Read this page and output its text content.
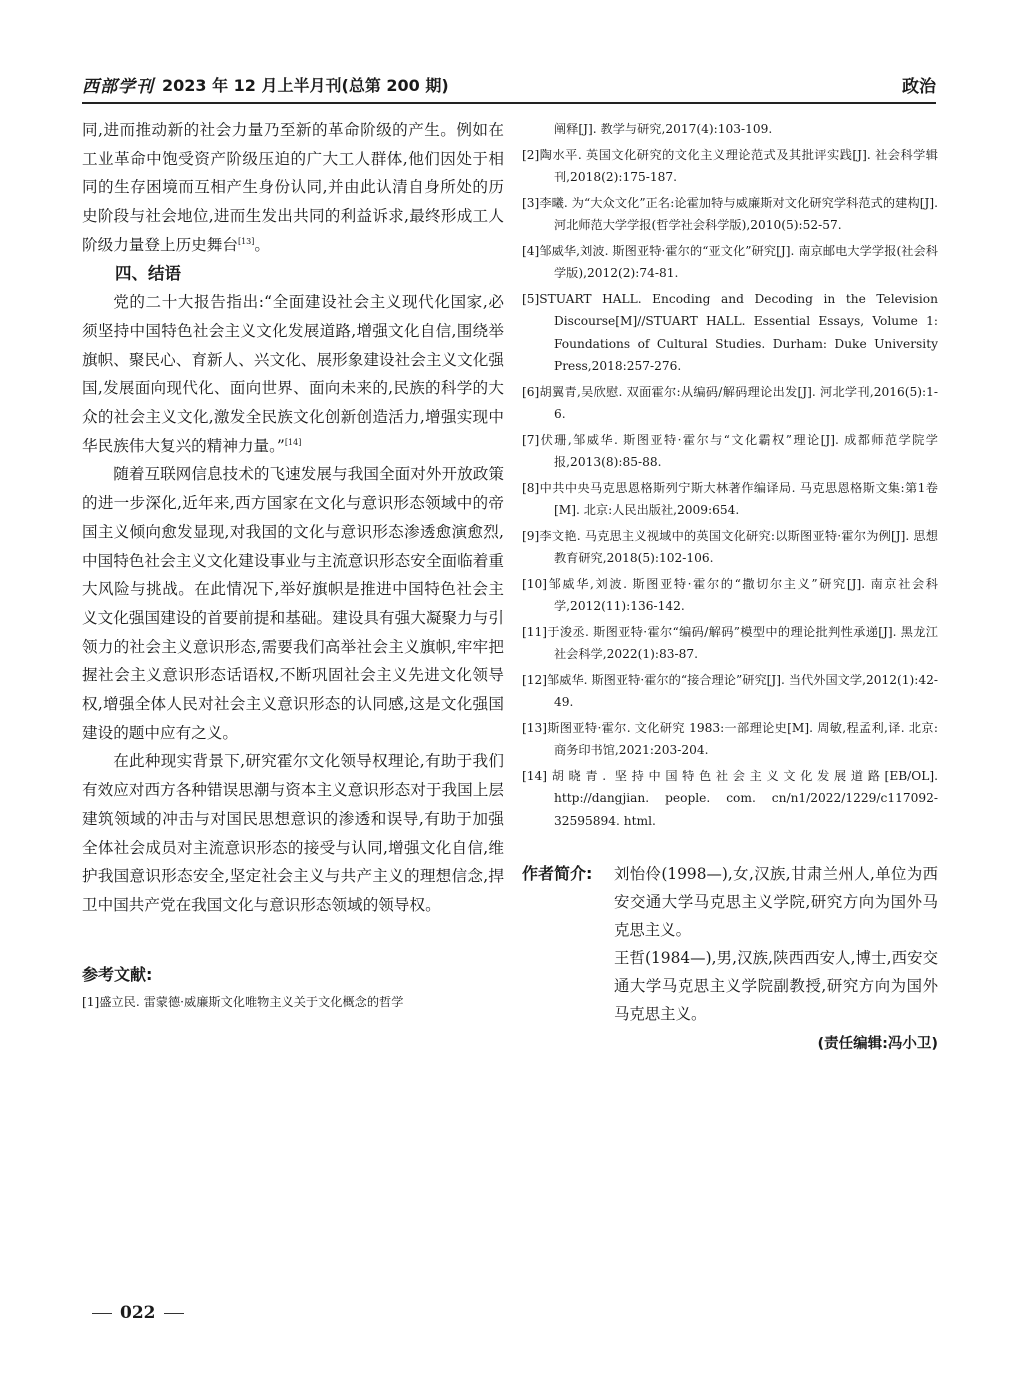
西部学刊 2023 年 12 月上半月刊(总第 200 期)	政治

同,进而推动新的社会力量乃至新的革命阶级的产生。例如在工业革命中饱受资产阶级压迫的广大工人群体,他们因处于相同的生存困境而互相产生身份认同,并由此认清自身所处的历史阶段与社会地位,进而生发出共同的利益诉求,最终形成工人阶级力量登上历史舞台[13]。

四、结语

党的二十大报告指出:“全面建设社会主义现代化国家,必须坚持中国特色社会主义文化发展道路,增强文化自信,围绕举旗帜、聚民心、育新人、兴文化、展形象建设社会主义文化强国,发展面向现代化、面向世界、面向未来的,民族的科学的大众的社会主义文化,激发全民族文化创新创造活力,增强实现中华民族伟大复兴的精神力量。”[14]

随着互联网信息技术的飞速发展与我国全面对外开放政策的进一步深化,近年来,西方国家在文化与意识形态领域中的帝国主义倾向愈发显现,对我国的文化与意识形态渗透愈演愈烈,中国特色社会主义文化建设事业与主流意识形态安全面临着重大风险与挑战。在此情况下,举好旗帜是推进中国特色社会主义文化强国建设的首要前提和基础。建设具有强大凝聚力与引领力的社会主义意识形态,需要我们高举社会主义旗帜,牢牢把握社会主义意识形态话语权,不断巩固社会主义先进文化领导权,增强全体人民对社会主义意识形态的认同感,这是文化强国建设的题中应有之义。

在此种现实背景下,研究霍尔文化领导权理论,有助于我们有效应对西方各种错误思潮与资本主义意识形态对于我国上层建筑领域的冲击与对国民思想意识的渗透和误导,有助于加强全体社会成员对主流意识形态的接受与认同,增强文化自信,维护我国意识形态安全,坚定社会主义与共产主义的理想信念,捍卫中国共产党在我国文化与意识形态领域的领导权。

参考文献:

[1]盛立民. 雷蒙德·威廉斯文化唯物主义关于文化概念的哲学

阐释[J]. 教学与研究,2017(4):103-109.

[2]陶水平. 英国文化研究的文化主义理论范式及其批评实践[J]. 社会科学辑刊,2018(2):175-187.

[3]李曦. 为“大众文化”正名:论霍加特与威廉斯对文化研究学科范式的建构[J]. 河北师范大学学报(哲学社会科学版),2010(5):52-57.

[4]邹威华,刘波. 斯图亚特·霍尔的“亚文化”研究[J]. 南京邮电大学学报(社会科学版),2012(2):74-81.

[5]STUART HALL. Encoding and Decoding in the Television Discourse[M]//STUART HALL. Essential Essays, Volume 1: Foundations of Cultural Studies. Durham: Duke University Press,2018:257-276.

[6]胡翼青,吴欣慰. 双面霍尔:从编码/解码理论出发[J]. 河北学刊,2016(5):1-6.

[7]伏珊,邹威华. 斯图亚特·霍尔与“文化霸权”理论[J]. 成都师范学院学报,2013(8):85-88.

[8]中共中央马克思恩格斯列宁斯大林著作编译局. 马克思恩格斯文集:第1卷[M]. 北京:人民出版社,2009:654.

[9]李文艳. 马克思主义视域中的英国文化研究:以斯图亚特·霍尔为例[J]. 思想教育研究,2018(5):102-106.

[10]邹威华,刘波. 斯图亚特·霍尔的“撒切尔主义”研究[J]. 南京社会科学,2012(11):136-142.

[11]于浚丞. 斯图亚特·霍尔“编码/解码”模型中的理论批判性承递[J]. 黑龙江社会科学,2022(1):83-87.

[12]邹威华. 斯图亚特·霍尔的“接合理论”研究[J]. 当代外国文学,2012(1):42-49.

[13]斯图亚特·霍尔. 文化研究 1983:一部理论史[M]. 周敏,程孟利,译. 北京:商务印书馆,2021:203-204.

[14]胡晓青. 坚持中国特色社会主义文化发展道路[EB/OL]. http://dangjian. people. com. cn/n1/2022/1229/c117092-32595894. html.

作者简介: 刘怡伶(1998—),女,汉族,甘肃兰州人,单位为西安交通大学马克思主义学院,研究方向为国外马克思主义。

王哲(1984—),男,汉族,陕西西安人,博士,西安交通大学马克思主义学院副教授,研究方向为国外马克思主义。

(责任编辑:冯小卫)
022
